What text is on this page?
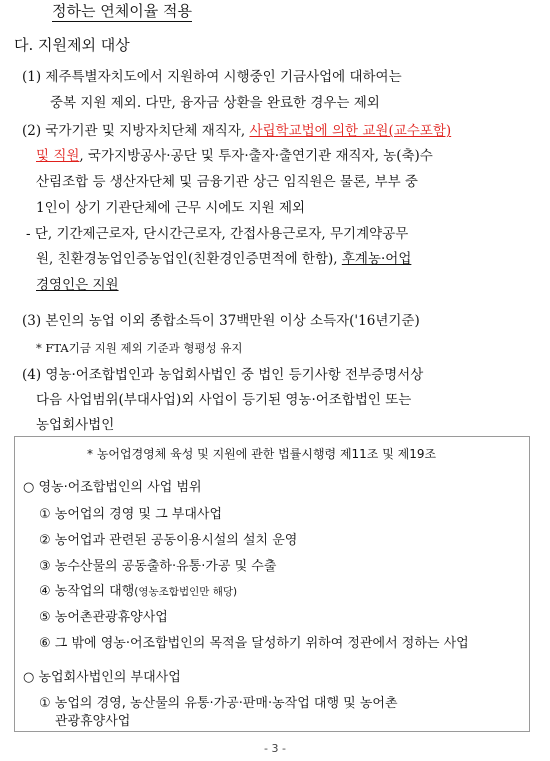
정하는 연체이율 적용
다. 지원제외 대상
(1) 제주특별자치도에서 지원하여 시행중인 기금사업에 대하여는
중복 지원 제외. 다만, 융자금 상환을 완료한 경우는 제외
(2) 국가기관 및 지방자치단체 재직자, 사립학교법에 의한 교원(교수포함)
및 직원, 국가지방공사·공단 및 투자·출자·출연기관 재직자, 농(축)수
산림조합 등 생산자단체 및 금융기관 상근 임직원은 물론, 부부 중
1인이 상기 기관단체에 근무 시에도 지원 제외
- 단, 기간제근로자, 단시간근로자, 간접사용근로자, 무기계약공무
원, 친환경농업인증농업인(친환경인증면적에 한함), 후계농·어업
경영인은 지원
(3) 본인의 농업 이외 종합소득이 37백만원 이상 소득자('16년기준)
* FTA기금 지원 제외 기준과 형평성 유지
(4) 영농·어조합법인과 농업회사법인 중 법인 등기사항 전부증명서상
다음 사업범위(부대사업)외 사업이 등기된 영농·어조합법인 또는
농업회사법인
* 농어업경영체 육성 및 지원에 관한 법률시행령 제11조 및 제19조
○ 영농·어조합법인의 사업 범위
① 농어업의 경영 및 그 부대사업
② 농어업과 관련된 공동이용시설의 설치 운영
③ 농수산물의 공동출하·유통·가공 및 수출
④ 농작업의 대행(영농조합법인만 해당)
⑤ 농어촌관광휴양사업
⑥ 그 밖에 영농·어조합법인의 목적을 달성하기 위하여 정관에서 정하는 사업
○ 농업회사법인의 부대사업
① 농업의 경영, 농산물의 유통·가공·판매·농작업 대행 및 농어촌
관광휴양사업
- 3 -
